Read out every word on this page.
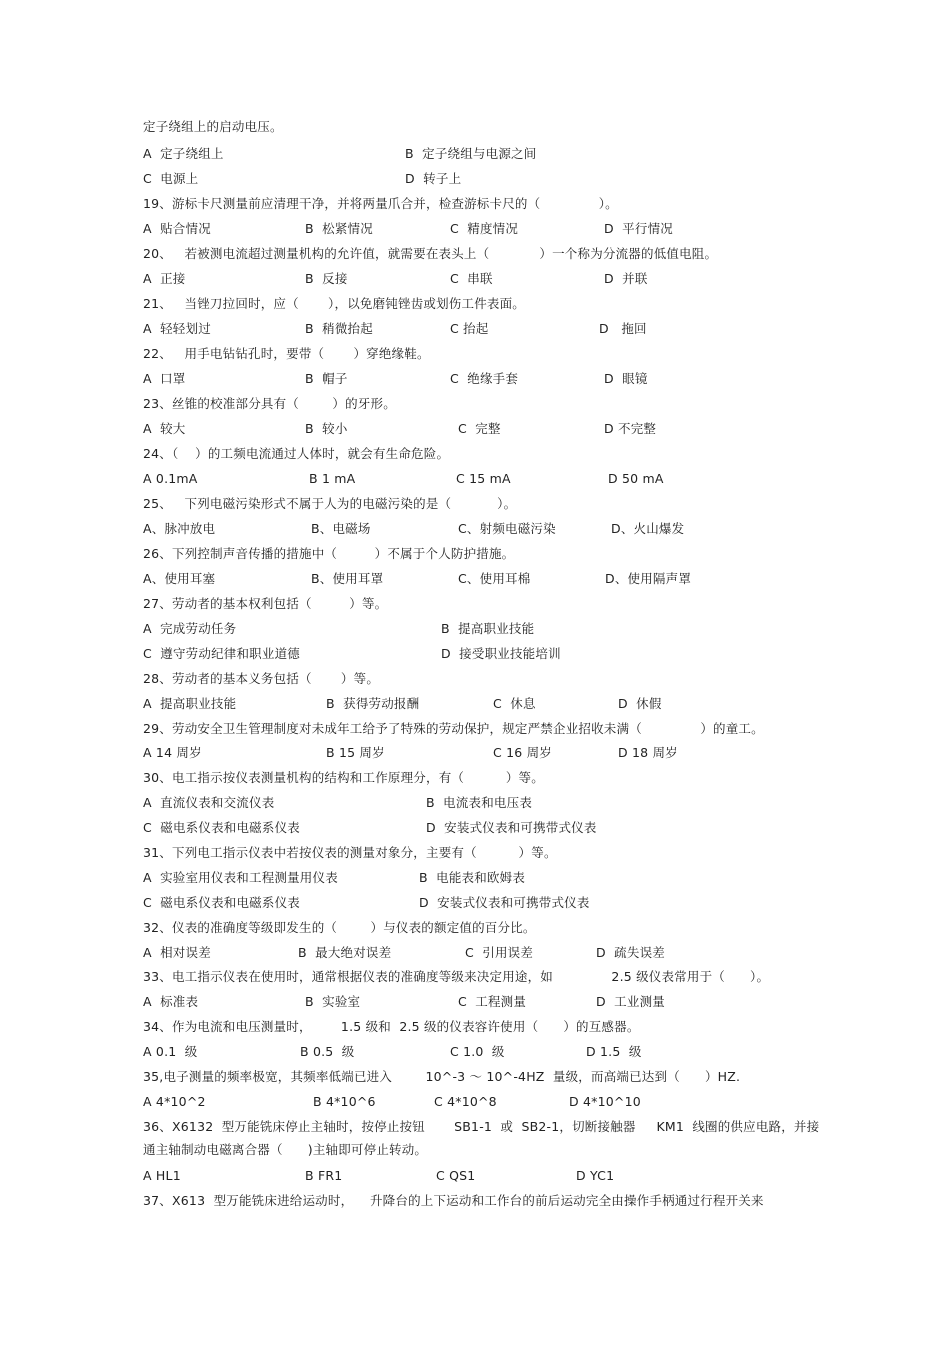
定子绕组上的启动电压。

A  定子绕组上

	B  定子绕组与电源之间

C  电源上

	D  转子上

19、游标卡尺测量前应清理干净，并将两量爪合并，检查游标卡尺的（              ）。

A  贴合情况

	B  松紧情况

	C  精度情况

	D  平行情况

20、   若被测电流超过测量机构的允许值，就需要在表头上（            ）一个称为分流器的低值电阻。

A  正接

	B  反接

	C  串联

	D  并联

21、   当锉刀拉回时，应（       ），以免磨钝锉齿或划伤工件表面。

A  轻轻划过

	B  稍微抬起

	C 抬起

	D   拖回

22、   用手电钻钻孔时，要带（       ）穿绝缘鞋。

A  口罩

	B  帽子

	C  绝缘手套

	D  眼镜

23、丝锥的校准部分具有（        ）的牙形。

A  较大

	B  较小

	C  完整

	D 不完整

24、（    ）的工频电流通过人体时，就会有生命危险。

A 0.1mA

	B 1 mA

	C 15 mA

	D 50 mA

25、   下列电磁污染形式不属于人为的电磁污染的是（           ）。

A、脉冲放电

	B、电磁场

	C、射频电磁污染

	D、火山爆发

26、下列控制声音传播的措施中（         ）不属于个人防护措施。

A、使用耳塞

	B、使用耳罩

	C、使用耳棉

	D、使用隔声罩

27、劳动者的基本权利包括（         ）等。

A  完成劳动任务

	B  提高职业技能

C  遵守劳动纪律和职业道德

	D  接受职业技能培训

28、劳动者的基本义务包括（       ）等。

A  提高职业技能

	B  获得劳动报酬

	C  休息

	D  休假

29、劳动安全卫生管理制度对未成年工给予了特殊的劳动保护，规定严禁企业招收未满（              ）的童工。

A 14 周岁

	B 15 周岁

	C 16 周岁

	D 18 周岁

30、电工指示按仪表测量机构的结构和工作原理分，有（          ）等。

A  直流仪表和交流仪表

	B  电流表和电压表

C  磁电系仪表和电磁系仪表

	D  安装式仪表和可携带式仪表

31、下列电工指示仪表中若按仪表的测量对象分，主要有（          ）等。

A  实验室用仪表和工程测量用仪表

	B  电能表和欧姆表

C  磁电系仪表和电磁系仪表

	D  安装式仪表和可携带式仪表

32、仪表的准确度等级即发生的（        ）与仪表的额定值的百分比。

A  相对误差

	B  最大绝对误差

	C  引用误差

	D  疏失误差

33、电工指示仪表在使用时，通常根据仪表的准确度等级来决定用途，如              2.5 级仪表常用于（      ）。

A  标准表

	B  实验室

	C  工程测量

	D  工业测量

34、作为电流和电压测量时，       1.5 级和  2.5 级的仪表容许使用（      ）的互感器。

A 0.1  级

	B 0.5  级

	C 1.0  级

	D 1.5  级

35,电子测量的频率极宽，其频率低端已进入        10^-3 ～ 10^-4HZ  量级，而高端已达到（      ）HZ.

A 4*10^2

	B 4*10^6

	C 4*10^8

	D 4*10^10

36、X6132  型万能铣床停止主轴时，按停止按钮       SB1-1  或  SB2-1，切断接触器     KM1  线圈的供应电路，并接
通主轴制动电磁离合器（      )主轴即可停止转动。

A HL1

	B FR1

	C QS1

	D YC1

37、X613  型万能铣床进给运动时，    升降台的上下运动和工作台的前后运动完全由操作手柄通过行程开关来
